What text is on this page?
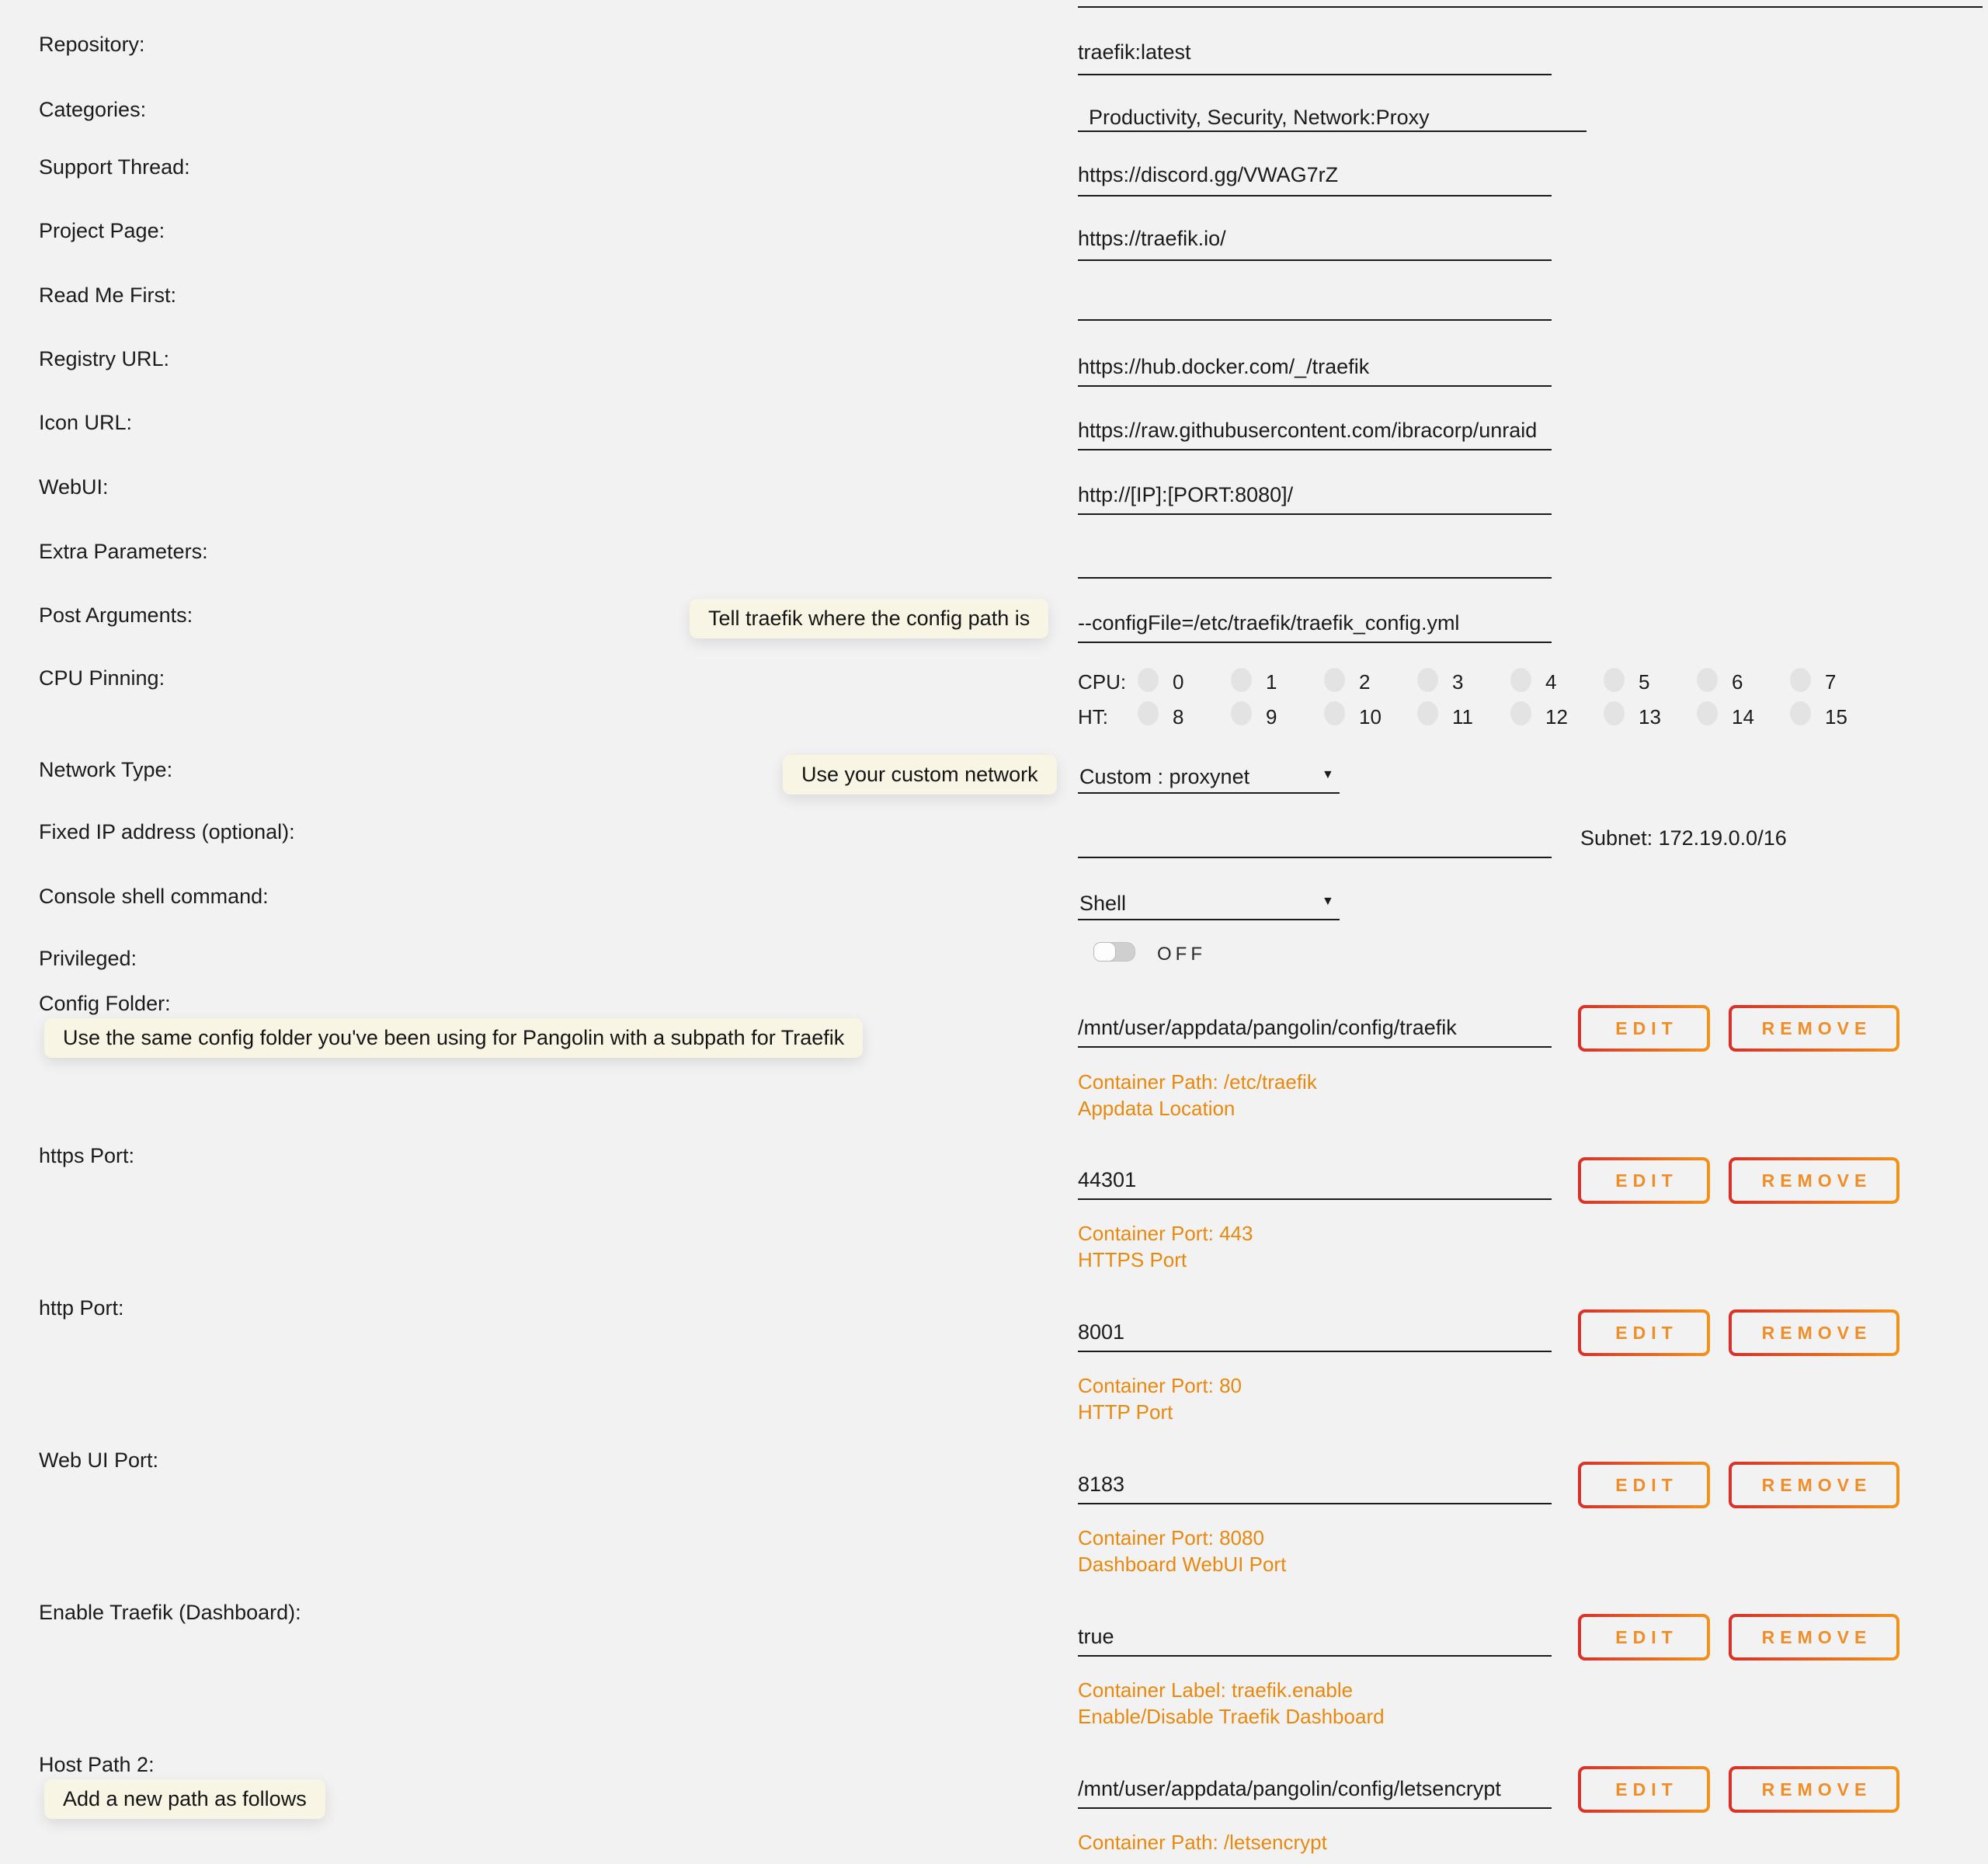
Repository:
traefik:latest
Categories:
Productivity, Security, Network:Proxy
Support Thread:
https://discord.gg/VWAG7rZ
Project Page:
https://traefik.io/
Read Me First:
Registry URL:
https://hub.docker.com/_/traefik
Icon URL:
https://raw.githubusercontent.com/ibracorp/unraid
WebUI:
http://[IP]:[PORT:8080]/
Extra Parameters:
Post Arguments:	Tell traefik where the config path is
--configFile=/etc/traefik/traefik_config.yml
CPU Pinning:	CPU: 0	1	2	3	4	5	6	7
HT:	8	9	10	11	12	13	14	15
Network Type:	Use your custom network	Custom : proxynet	▼
Fixed IP address (optional):	Subnet: 172.19.0.0/16
Console shell command:	Shell	▼
Privileged:	OFF
Config Folder:
Use the same config folder you've been using for Pangolin with a subpath for Traefik
/mnt/user/appdata/pangolin/config/traefik	EDIT	REMOVE
Container Path: /etc/traefik
Appdata Location
https Port:
44301
EDIT	REMOVE
Container Port: 443
HTTPS Port
http Port:
8001
EDIT	REMOVE
Container Port: 80
HTTP Port
Web UI Port:
8183
EDIT	REMOVE
Container Port: 8080
Dashboard WebUI Port
Enable Traefik (Dashboard):
true
EDIT	REMOVE
Container Label: traefik.enable
Enable/Disable Traefik Dashboard
Host Path 2:
Add a new path as follows
/mnt/user/appdata/pangolin/config/letsencrypt	EDIT	REMOVE
Container Path: /letsencrypt
